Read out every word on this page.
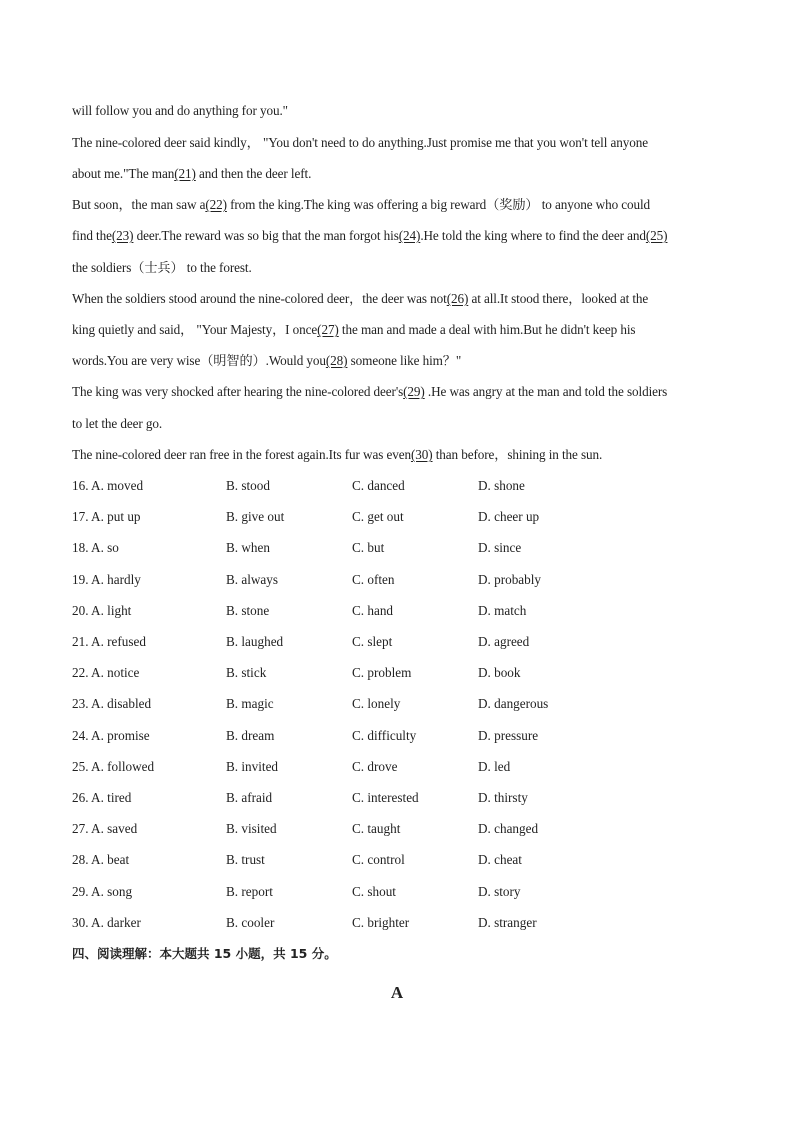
will follow you and do anything for you."
The nine-colored deer said kindly， "You don't need to do anything.Just promise me that you won't tell anyone
about me."The man(21) and then the deer left.
But soon，the man saw a(22) from the king.The king was offering a big reward（奖励） to anyone who could
find the(23) deer.The reward was so big that the man forgot his(24).He told the king where to find the deer and(25)
the soldiers（士兵） to the forest.
When the soldiers stood around the nine-colored deer，the deer was not(26) at all.It stood there，looked at the
king quietly and said， "Your Majesty，I once(27) the man and made a deal with him.But he didn't keep his
words.You are very wise（明智的）.Would you(28) someone like him？"
The king was very shocked after hearing the nine-colored deer's(29) .He was angry at the man and told the soldiers
to let the deer go.
The nine-colored deer ran free in the forest again.Its fur was even(30) than before，shining in the sun.
16. A. moved	B. stood	C. danced	D. shone
17. A. put up	B. give out	C. get out	D. cheer up
18. A. so	B. when	C. but	D. since
19. A. hardly	B. always	C. often	D. probably
20. A. light	B. stone	C. hand	D. match
21. A. refused	B. laughed	C. slept	D. agreed
22. A. notice	B. stick	C. problem	D. book
23. A. disabled	B. magic	C. lonely	D. dangerous
24. A. promise	B. dream	C. difficulty	D. pressure
25. A. followed	B. invited	C. drove	D. led
26. A. tired	B. afraid	C. interested	D. thirsty
27. A. saved	B. visited	C. taught	D. changed
28. A. beat	B. trust	C. control	D. cheat
29. A. song	B. report	C. shout	D. story
30. A. darker	B. cooler	C. brighter	D. stranger
四、阅读理解：本大题共 15 小题，共 15 分。
A
